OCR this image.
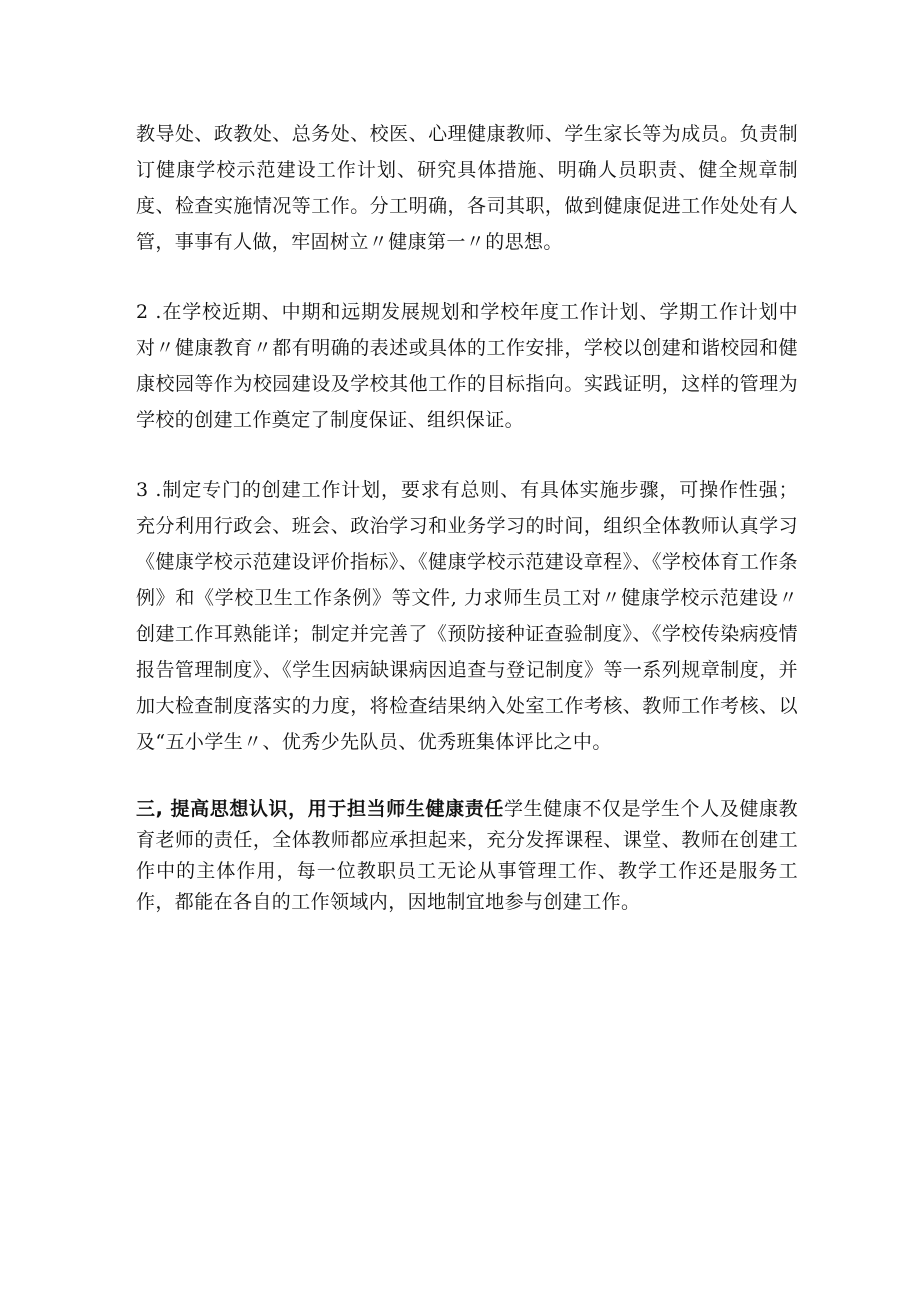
教导处、政教处、总务处、校医、心理健康教师、学生家长等为成员。负责制订健康学校示范建设工作计划、研究具体措施、明确人员职责、健全规章制度、检查实施情况等工作。分工明确，各司其职，做到健康促进工作处处有人管，事事有人做，牢固树立〃健康第一〃的思想。

2 .在学校近期、中期和远期发展规划和学校年度工作计划、学期工作计划中对〃健康教育〃都有明确的表述或具体的工作安排，学校以创建和谐校园和健康校园等作为校园建设及学校其他工作的目标指向。实践证明，这样的管理为学校的创建工作奠定了制度保证、组织保证。

3 .制定专门的创建工作计划，要求有总则、有具体实施步骤，可操作性强；充分利用行政会、班会、政治学习和业务学习的时间，组织全体教师认真学习《健康学校示范建设评价指标》、《健康学校示范建设章程》、《学校体育工作条例》和《学校卫生工作条例》等文件, 力求师生员工对〃健康学校示范建设〃创建工作耳熟能详；制定并完善了《预防接种证查验制度》、《学校传染病疫情报告管理制度》、《学生因病缺课病因追查与登记制度》等一系列规章制度，并加大检查制度落实的力度，将检查结果纳入处室工作考核、教师工作考核、以及“五小学生〃、优秀少先队员、优秀班集体评比之中。

三, 提高思想认识，用于担当师生健康责任学生健康不仅是学生个人及健康教育老师的责任，全体教师都应承担起来，充分发挥课程、课堂、教师在创建工作中的主体作用，每一位教职员工无论从事管理工作、教学工作还是服务工作，都能在各自的工作领域内，因地制宜地参与创建工作。
